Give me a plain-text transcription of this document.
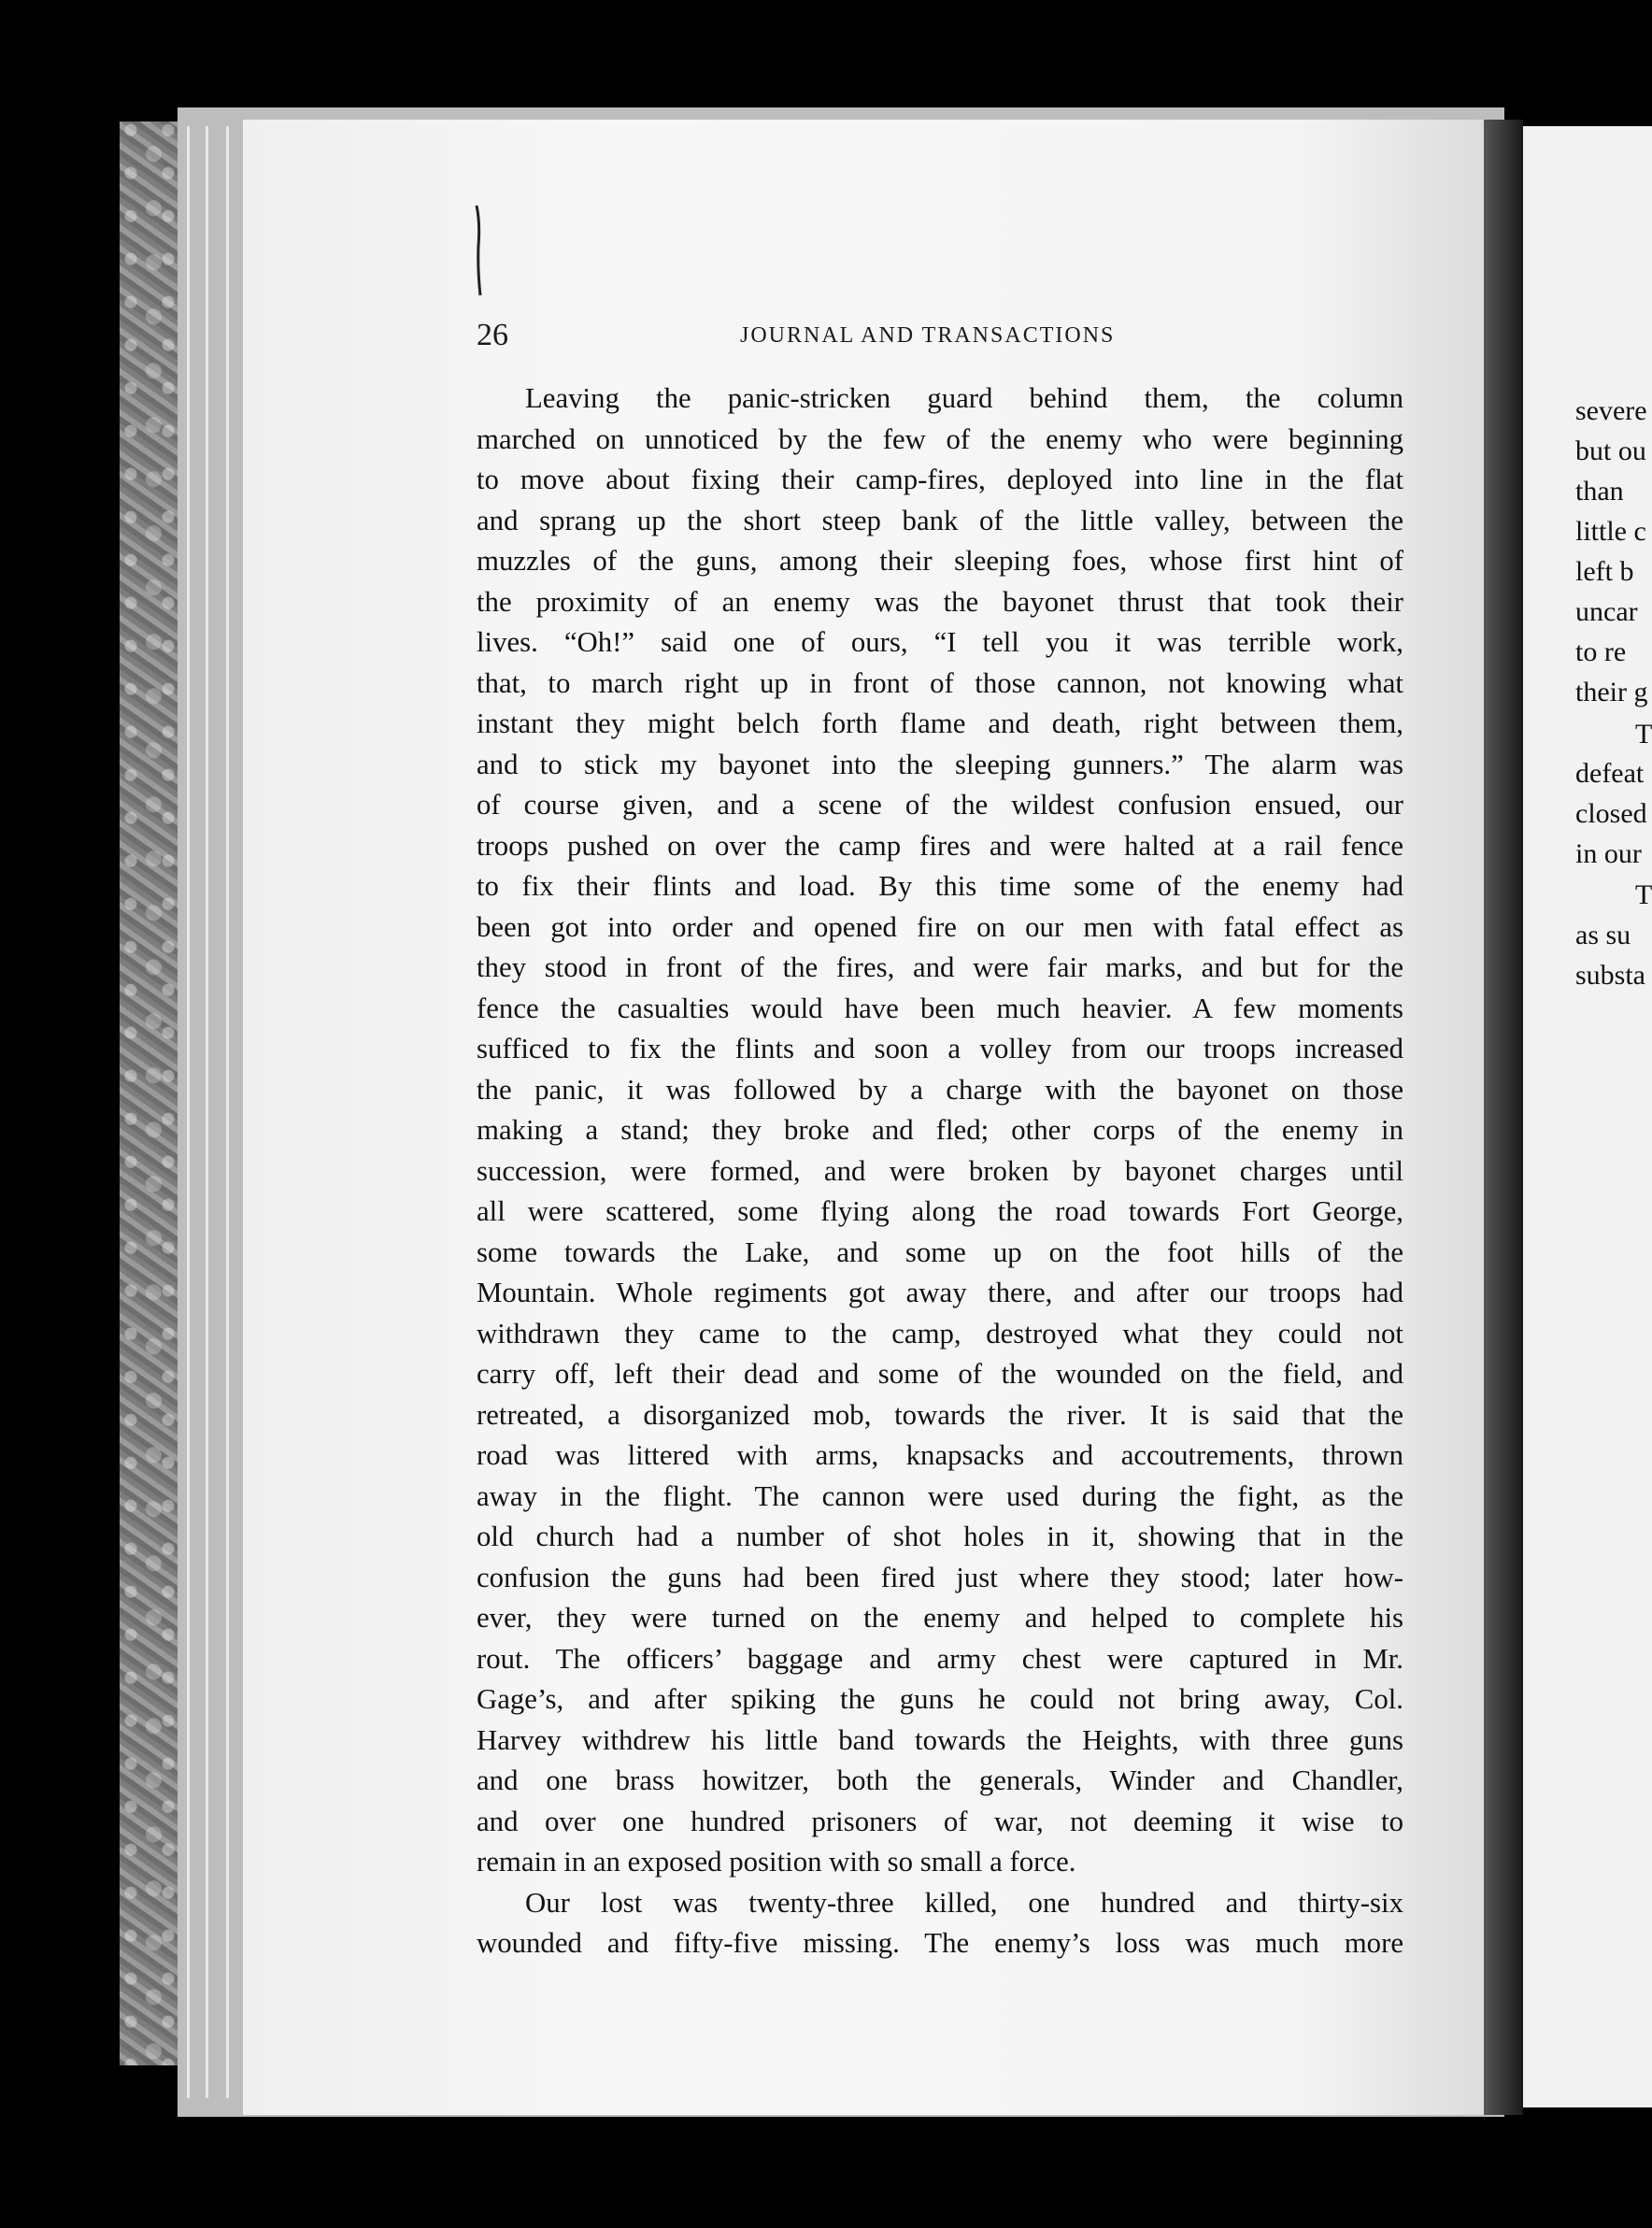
severe
but ou
than
little c
left b
uncar
to re
their g
T
defeat
closed
in our
T
as su
substa
26	JOURNAL AND TRANSACTIONS
Leaving the panic-stricken guard behind them, the column
marched on unnoticed by the few of the enemy who were beginning
to move about fixing their camp-fires, deployed into line in the flat
and sprang up the short steep bank of the little valley, between the
muzzles of the guns, among their sleeping foes, whose first hint of
the proximity of an enemy was the bayonet thrust that took their
lives. “Oh!” said one of ours, “I tell you it was terrible work,
that, to march right up in front of those cannon, not knowing what
instant they might belch forth flame and death, right between them,
and to stick my bayonet into the sleeping gunners.” The alarm was
of course given, and a scene of the wildest confusion ensued, our
troops pushed on over the camp fires and were halted at a rail fence
to fix their flints and load. By this time some of the enemy had
been got into order and opened fire on our men with fatal effect as
they stood in front of the fires, and were fair marks, and but for the
fence the casualties would have been much heavier. A few moments
sufficed to fix the flints and soon a volley from our troops increased
the panic, it was followed by a charge with the bayonet on those
making a stand; they broke and fled; other corps of the enemy in
succession, were formed, and were broken by bayonet charges until
all were scattered, some flying along the road towards Fort George,
some towards the Lake, and some up on the foot hills of the
Mountain. Whole regiments got away there, and after our troops had
withdrawn they came to the camp, destroyed what they could not
carry off, left their dead and some of the wounded on the field, and
retreated, a disorganized mob, towards the river. It is said that the
road was littered with arms, knapsacks and accoutrements, thrown
away in the flight. The cannon were used during the fight, as the
old church had a number of shot holes in it, showing that in the
confusion the guns had been fired just where they stood; later how-
ever, they were turned on the enemy and helped to complete his
rout. The officers’ baggage and army chest were captured in Mr.
Gage’s, and after spiking the guns he could not bring away, Col.
Harvey withdrew his little band towards the Heights, with three guns
and one brass howitzer, both the generals, Winder and Chandler,
and over one hundred prisoners of war, not deeming it wise to
remain in an exposed position with so small a force.
Our lost was twenty-three killed, one hundred and thirty-six
wounded and fifty-five missing. The enemy’s loss was much more
